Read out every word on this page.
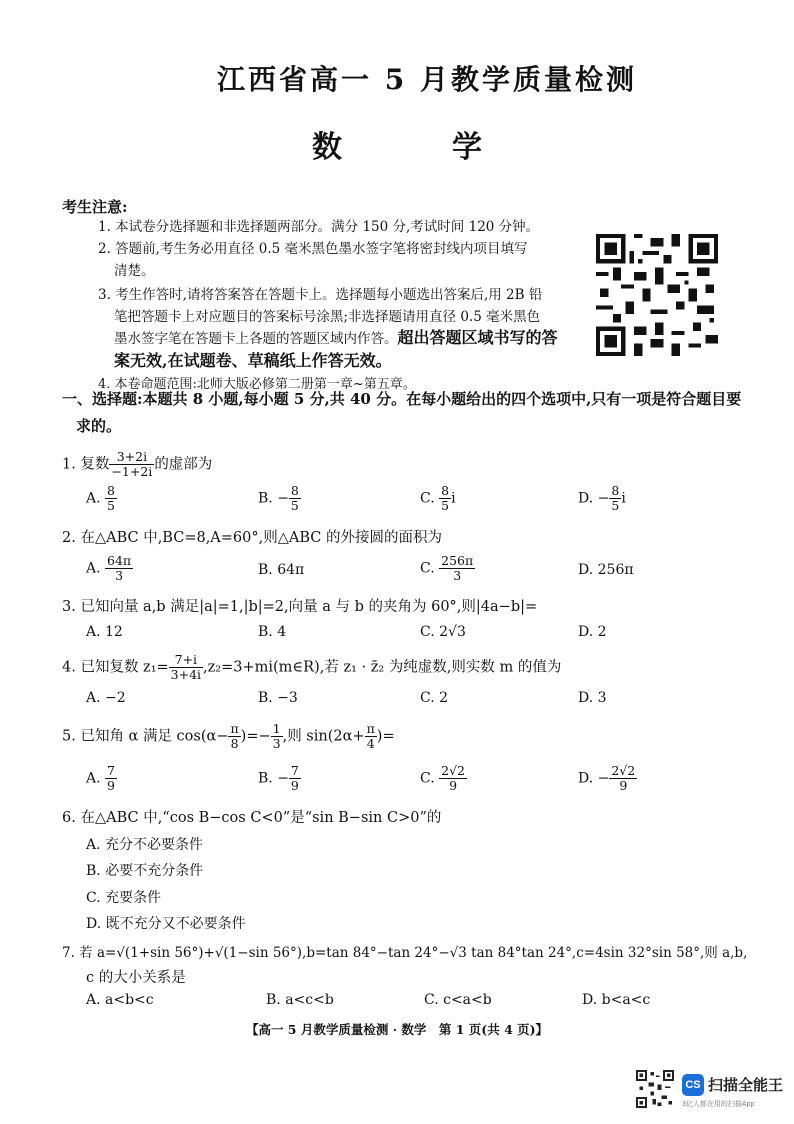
江西省高一 5 月教学质量检测
数　学
考生注意:
1. 本试卷分选择题和非选择题两部分。满分 150 分,考试时间 120 分钟。
2. 答题前,考生务必用直径 0.5 毫米黑色墨水签字笔将密封线内项目填写
清楚。
3. 考生作答时,请将答案答在答题卡上。选择题每小题选出答案后,用 2B 铅
笔把答题卡上对应题目的答案标号涂黑;非选择题请用直径 0.5 毫米黑色
墨水签字笔在答题卡上各题的答题区域内作答。超出答题区域书写的答
案无效,在试题卷、草稿纸上作答无效。
4. 本卷命题范围:北师大版必修第二册第一章~第五章。
一、选择题:本题共 8 小题,每小题 5 分,共 40 分。在每小题给出的四个选项中,只有一项是符合题目要
求的。
1. 复数 $\frac{3+2i}{-1+2i}$ 的虚部为
A. $\frac{8}{5}$	B. − $\frac{8}{5}$	C. $\frac{8}{5}$ i	D. − $\frac{8}{5}$ i
2. 在△ABC 中,BC=8,A=60°,则△ABC 的外接圆的面积为
A. $\frac{64\pi}{3}$	B. 64π	C. $\frac{256\pi}{3}$	D. 256π
3. 已知向量 a,b 满足|a|=1,|b|=2,向量 a 与 b 的夹角为 60°,则|4a−b|=
A. 12	B. 4	C. 2√3	D. 2
4. 已知复数 $z_1= \frac{7+i}{3+4i}$ ,z₂=3+mi(m∈R),若 z₁ · z̄₂ 为纯虚数,则实数 m 的值为
A. −2	B. −3	C. 2	D. 3
5. 已知角 α 满足 $\cos(\alpha- \frac{\pi}{8}$ )=− $\frac{1}{3}$ ,则 $\sin(2\alpha+ \frac{\pi}{4}$ )=
A. $\frac{7}{9}$	B. − $\frac{7}{9}$	C. $\frac{2√2}{9}$	D. − $\frac{2√2}{9}$
6. 在△ABC 中,“cos B−cos C<0”是“sin B−sin C>0”的
A. 充分不必要条件
B. 必要不充分条件
C. 充要条件
D. 既不充分又不必要条件
7. 若 a=√(1+sin 56°)+√(1−sin 56°),b=tan 84°−tan 24°−√3 tan 84°tan 24°,c=4sin 32°sin 58°,则 a,b,
c 的大小关系是
A. a<b<c	B. a<c<b	C. c<a<b	D. b<a<c
【高一 5 月教学质量检测 · 数学　第 1 页(共 4 页)】
CS 扫描全能王
3亿人都在用的扫描App
